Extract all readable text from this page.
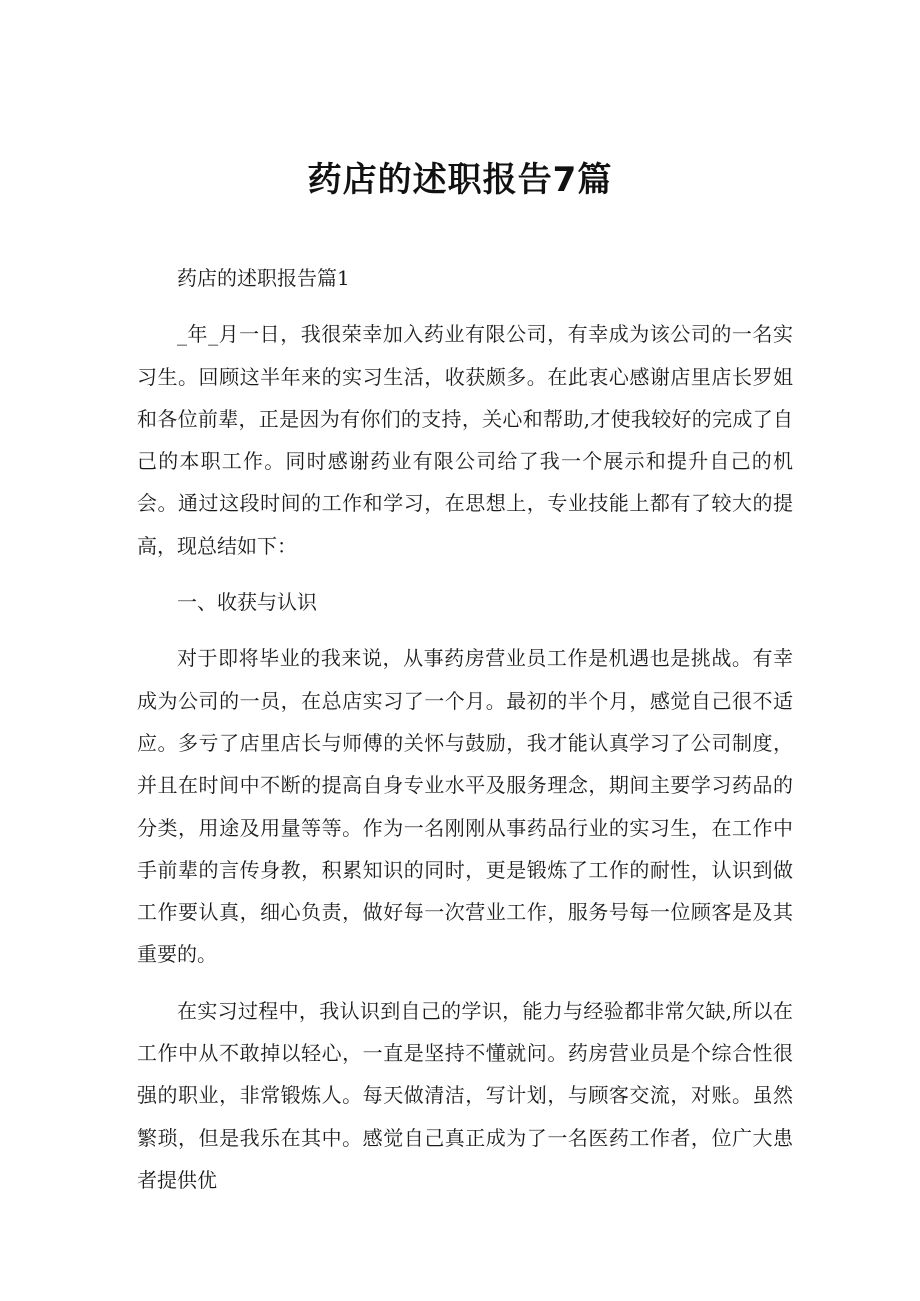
药店的述职报告7篇

药店的述职报告篇1

_年_月一日，我很荣幸加入药业有限公司，有幸成为该公司的一名实习生。回顾这半年来的实习生活，收获颇多。在此衷心感谢店里店长罗姐和各位前辈，正是因为有你们的支持，关心和帮助,才使我较好的完成了自己的本职工作。同时感谢药业有限公司给了我一个展示和提升自己的机会。通过这段时间的工作和学习，在思想上，专业技能上都有了较大的提高，现总结如下：

一、收获与认识

对于即将毕业的我来说，从事药房营业员工作是机遇也是挑战。有幸成为公司的一员，在总店实习了一个月。最初的半个月，感觉自己很不适应。多亏了店里店长与师傅的关怀与鼓励，我才能认真学习了公司制度，并且在时间中不断的提高自身专业水平及服务理念，期间主要学习药品的分类，用途及用量等等。作为一名刚刚从事药品行业的实习生，在工作中手前辈的言传身教，积累知识的同时，更是锻炼了工作的耐性，认识到做工作要认真，细心负责，做好每一次营业工作，服务号每一位顾客是及其重要的。

在实习过程中，我认识到自己的学识，能力与经验都非常欠缺,所以在工作中从不敢掉以轻心，一直是坚持不懂就问。药房营业员是个综合性很强的职业，非常锻炼人。每天做清洁，写计划，与顾客交流，对账。虽然繁琐，但是我乐在其中。感觉自己真正成为了一名医药工作者，位广大患者提供优
